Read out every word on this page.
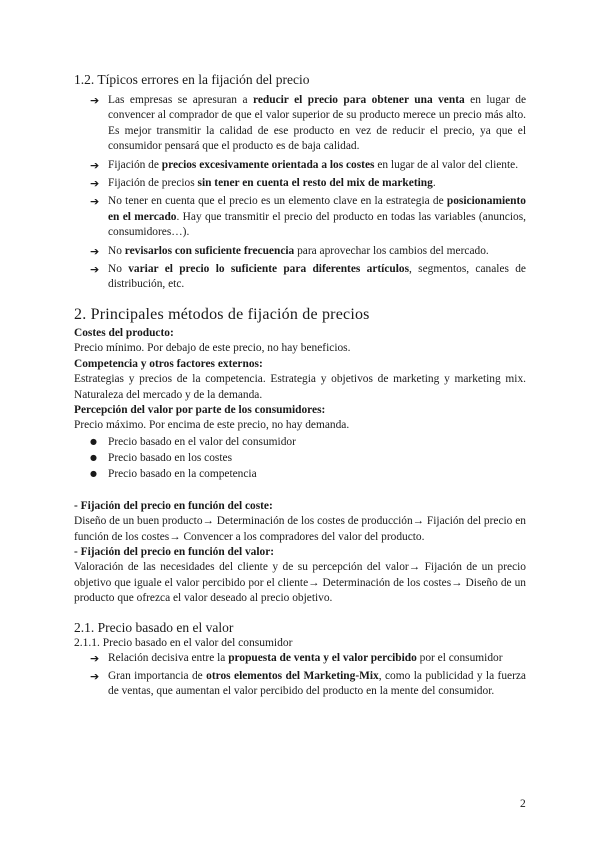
1.2. Típicos errores en la fijación del precio
➔ Las empresas se apresuran a reducir el precio para obtener una venta en lugar de convencer al comprador de que el valor superior de su producto merece un precio más alto. Es mejor transmitir la calidad de ese producto en vez de reducir el precio, ya que el consumidor pensará que el producto es de baja calidad.
➔ Fijación de precios excesivamente orientada a los costes en lugar de al valor del cliente.
➔ Fijación de precios sin tener en cuenta el resto del mix de marketing.
➔ No tener en cuenta que el precio es un elemento clave en la estrategia de posicionamiento en el mercado. Hay que transmitir el precio del producto en todas las variables (anuncios, consumidores…).
➔ No revisarlos con suficiente frecuencia para aprovechar los cambios del mercado.
➔ No variar el precio lo suficiente para diferentes artículos, segmentos, canales de distribución, etc.
2. Principales métodos de fijación de precios

Costes del producto:

Precio mínimo. Por debajo de este precio, no hay beneficios.

Competencia y otros factores externos:

Estrategias y precios de la competencia. Estrategia y objetivos de marketing y marketing mix. Naturaleza del mercado y de la demanda.

Percepción del valor por parte de los consumidores:

Precio máximo. Por encima de este precio, no hay demanda.

● Precio basado en el valor del consumidor
● Precio basado en los costes
● Precio basado en la competencia

- Fijación del precio en función del coste:

Diseño de un buen producto→ Determinación de los costes de producción→ Fijación del precio en función de los costes→ Convencer a los compradores del valor del producto.

- Fijación del precio en función del valor:

Valoración de las necesidades del cliente y de su percepción del valor→ Fijación de un precio objetivo que iguale el valor percibido por el cliente→ Determinación de los costes→ Diseño de un producto que ofrezca el valor deseado al precio objetivo.

2.1. Precio basado en el valor
2.1.1. Precio basado en el valor del consumidor
➔ Relación decisiva entre la propuesta de venta y el valor percibido por el consumidor
➔ Gran importancia de otros elementos del Marketing-Mix, como la publicidad y la fuerza de ventas, que aumentan el valor percibido del producto en la mente del consumidor.
2
